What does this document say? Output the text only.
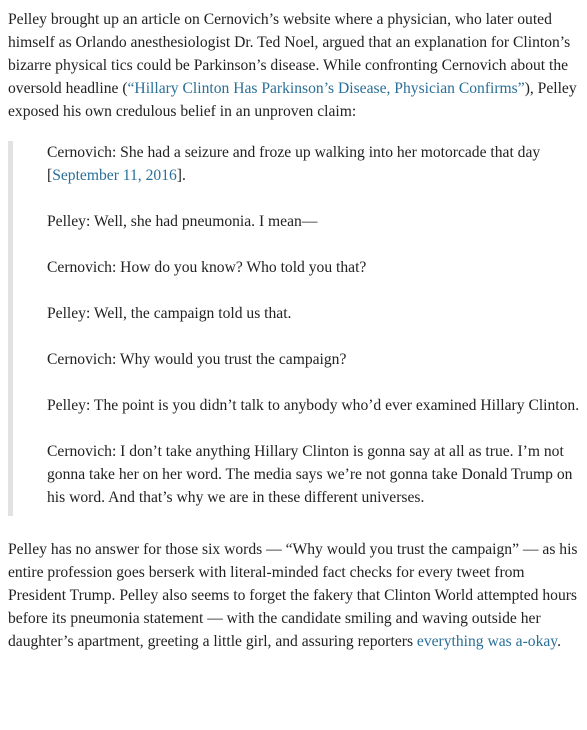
Pelley brought up an article on Cernovich’s website where a physician, who later outed himself as Orlando anesthesiologist Dr. Ted Noel, argued that an explanation for Clinton’s bizarre physical tics could be Parkinson’s disease. While confronting Cernovich about the oversold headline (“Hillary Clinton Has Parkinson’s Disease, Physician Confirms”), Pelley exposed his own credulous belief in an unproven claim:

Cernovich: She had a seizure and froze up walking into her motorcade that day [September 11, 2016].

Pelley: Well, she had pneumonia. I mean—

Cernovich: How do you know? Who told you that?

Pelley: Well, the campaign told us that.

Cernovich: Why would you trust the campaign?

Pelley: The point is you didn’t talk to anybody who’d ever examined Hillary Clinton.

Cernovich: I don’t take anything Hillary Clinton is gonna say at all as true. I’m not gonna take her on her word. The media says we’re not gonna take Donald Trump on his word. And that’s why we are in these different universes.

Pelley has no answer for those six words — “Why would you trust the campaign” — as his entire profession goes berserk with literal-minded fact checks for every tweet from President Trump. Pelley also seems to forget the fakery that Clinton World attempted hours before its pneumonia statement — with the candidate smiling and waving outside her daughter’s apartment, greeting a little girl, and assuring reporters everything was a-okay.
